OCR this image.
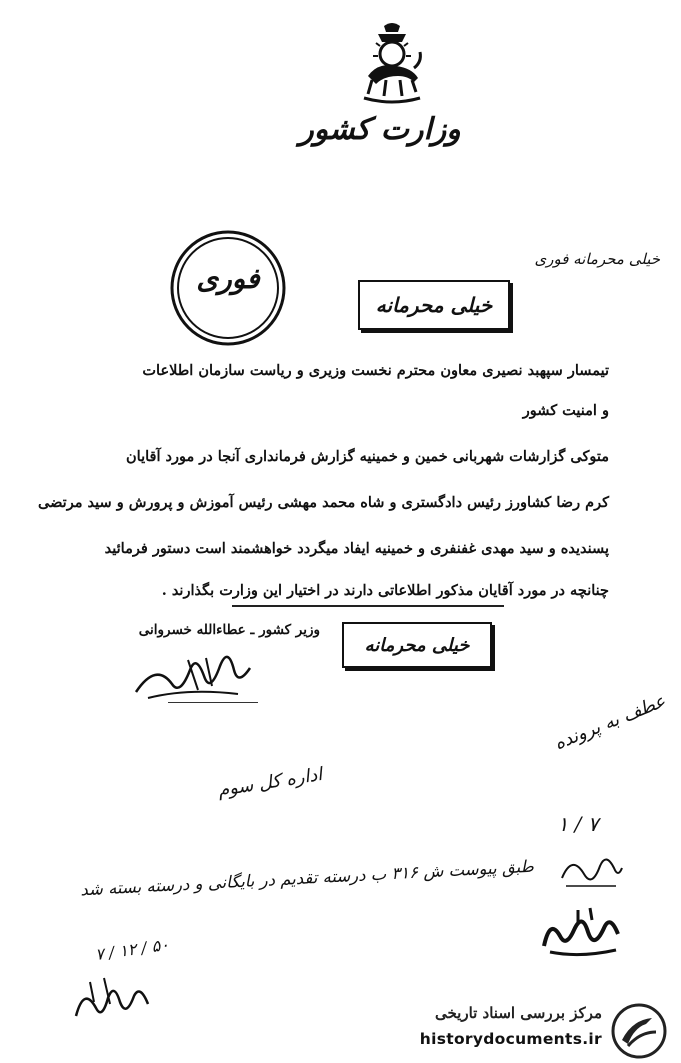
وزارت کشور
خیلی محرمانه فوری
فوری
خیلی محرمانه
تیمسار سپهبد نصیری معاون محترم نخست وزیری و ریاست سازمان اطلاعات
و امنیت کشور
متوکی گزارشات شهربانی خمین و خمینیه گزارش فرمانداری آنجا در مورد آقایان
کرم رضا کشاورز رئیس دادگستری و شاه محمد مهشی رئیس آموزش و پرورش و سید مرتضی
پسندیده و سید مهدی غفنفری و خمینیه ایفاد میگردد خواهشمند است دستور فرمائید
چنانچه در مورد آقایان مذکور اطلاعاتی دارند در اختیار این وزارت بگذارند .
وزیر کشور ـ عطاءالله خسروانی
خیلی محرمانه
اداره کل سوم
عطف به پرونده
۷ / ۱
طبق پیوست ش ۳۱۶ ب درسته تقدیم در بایگانی و درسته بسته شد
۵۰ / ۱۲ / ۷
مرکز بررسی اسناد تاریخی
historydocuments.ir
